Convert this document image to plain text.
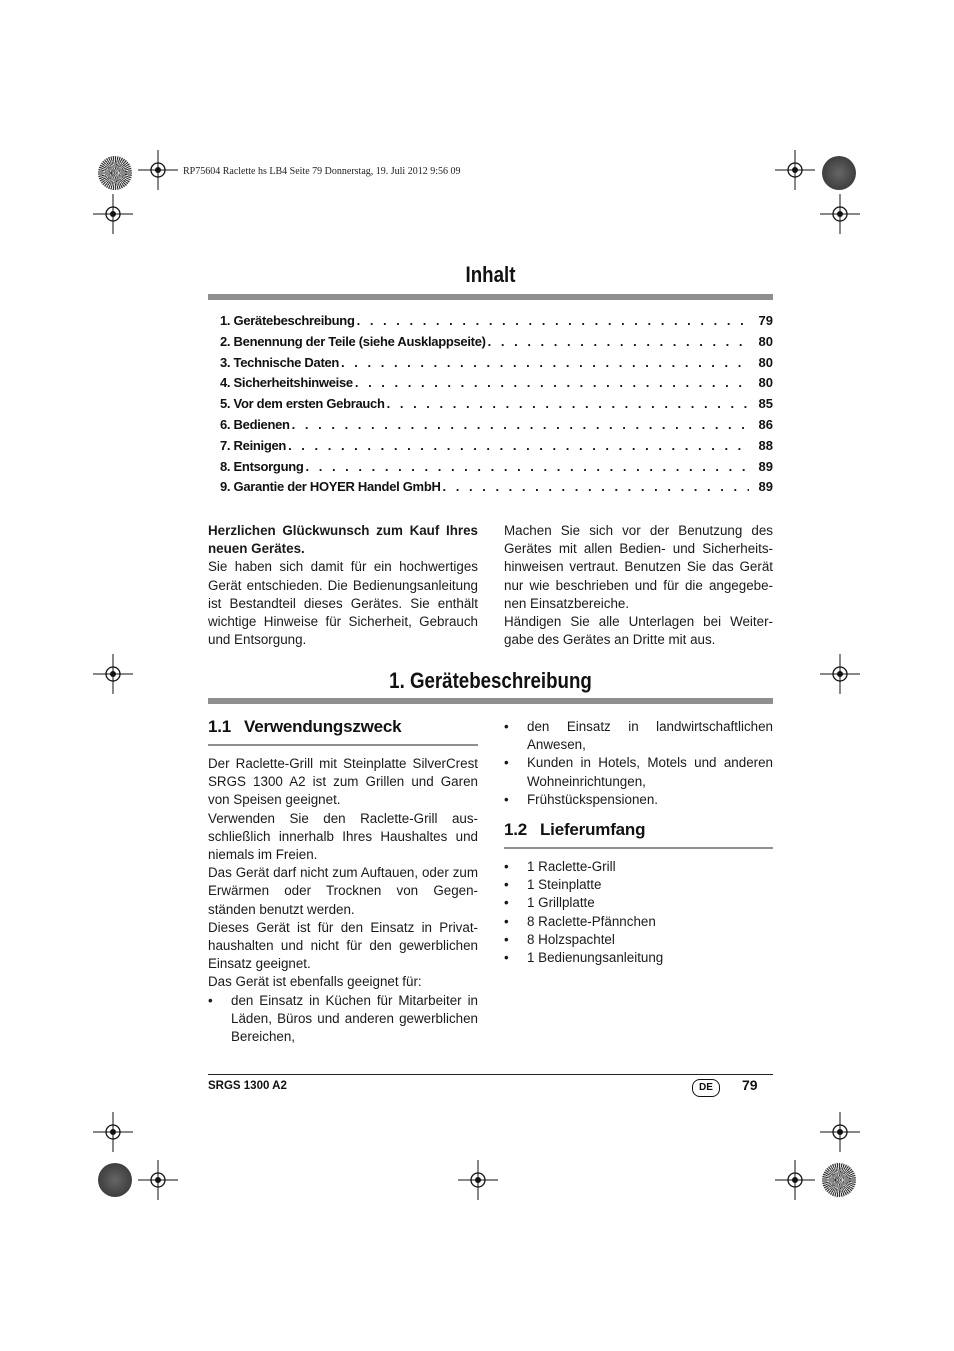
RP75604 Raclette hs LB4 Seite 79 Donnerstag, 19. Juli 2012 9:56 09
Inhalt
1. Gerätebeschreibung . . .	79
2. Benennung der Teile (siehe Ausklappseite) . . .	80
3. Technische Daten . . .	80
4. Sicherheitshinweise . . .	80
5. Vor dem ersten Gebrauch . . .	85
6. Bedienen . . .	86
7. Reinigen . . .	88
8. Entsorgung . . .	89
9. Garantie der HOYER Handel GmbH . . .	89

Herzlichen Glückwunsch zum Kauf Ihres neuen Gerätes.

Sie haben sich damit für ein hochwertiges Gerät entschieden. Die Bedienungsanleitung ist Bestandteil dieses Gerätes. Sie enthält wichtige Hinweise für Sicherheit, Gebrauch und Entsorgung.

Machen Sie sich vor der Benutzung des Gerätes mit allen Bedien- und Sicherheits-hinweisen vertraut. Benutzen Sie das Gerät nur wie beschrieben und für die angegebe-nen Einsatzbereiche.

Händigen Sie alle Unterlagen bei Weiter-gabe des Gerätes an Dritte mit aus.

1. Gerätebeschreibung
1.1 Verwendungszweck

Der Raclette-Grill mit Steinplatte SilverCrest SRGS 1300 A2 ist zum Grillen und Garen von Speisen geeignet.

Verwenden Sie den Raclette-Grill aus-schließlich innerhalb Ihres Haushaltes und niemals im Freien.

Das Gerät darf nicht zum Auftauen, oder zum Erwärmen oder Trocknen von Gegen-ständen benutzt werden.

Dieses Gerät ist für den Einsatz in Privat-haushalten und nicht für den gewerblichen Einsatz geeignet.

Das Gerät ist ebenfalls geeignet für:

• den Einsatz in Küchen für Mitarbeiter in Läden, Büros und anderen gewerblichen Bereichen,
• den Einsatz in landwirtschaftlichen Anwesen,
• Kunden in Hotels, Motels und anderen Wohneinrichtungen,
• Frühstückspensionen.
1.2 Lieferumfang
• 1 Raclette-Grill
• 1 Steinplatte
• 1 Grillplatte
• 8 Raclette-Pfännchen
• 8 Holzspachtel
• 1 Bedienungsanleitung
SRGS 1300 A2	DE	79
